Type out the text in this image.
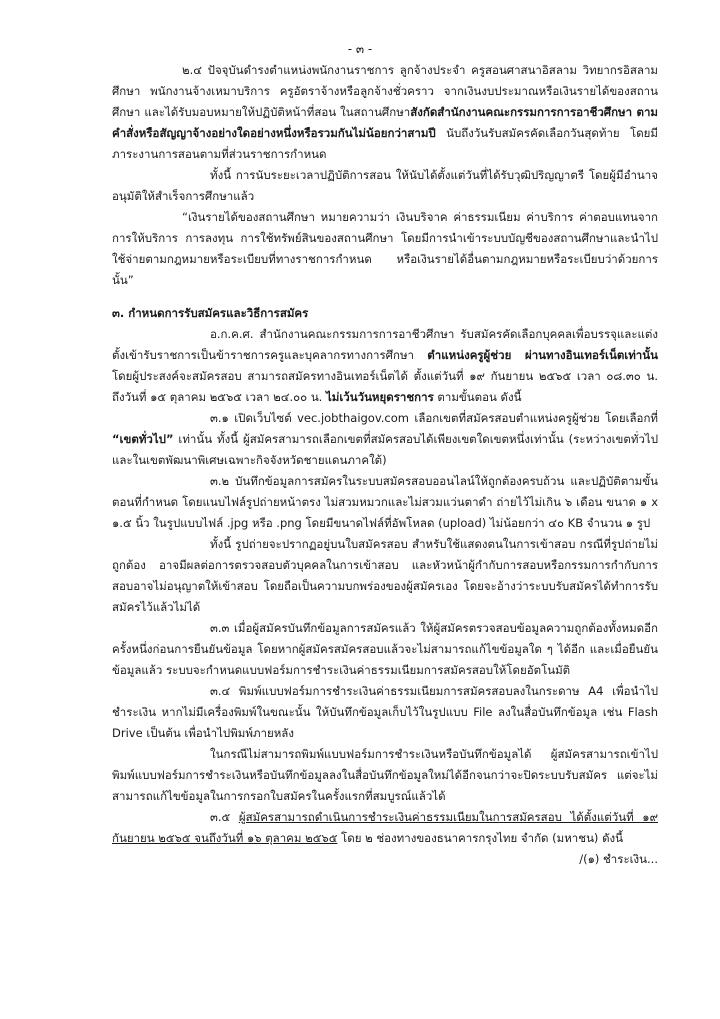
- ๓ -

๒.๔ ปัจจุบันดำรงตำแหน่งพนักงานราชการ ลูกจ้างประจำ ครูสอนศาสนาอิสลาม วิทยากรอิสลามศึกษา พนักงานจ้างเหมาบริการ ครูอัตราจ้างหรือลูกจ้างชั่วคราว จากเงินงบประมาณหรือเงินรายได้ของสถานศึกษา และได้รับมอบหมายให้ปฏิบัติหน้าที่สอน ในสถานศึกษาสังกัดสำนักงานคณะกรรมการการอาชีวศึกษา ตามคำสั่งหรือสัญญาจ้างอย่างใดอย่างหนึ่งหรือรวมกันไม่น้อยกว่าสามปี นับถึงวันรับสมัครคัดเลือกวันสุดท้าย โดยมีภาระงานการสอนตามที่ส่วนราชการกำหนด

ทั้งนี้ การนับระยะเวลาปฏิบัติการสอน ให้นับได้ตั้งแต่วันที่ได้รับวุฒิปริญญาตรี โดยผู้มีอำนาจอนุมัติให้สำเร็จการศึกษาแล้ว

“เงินรายได้ของสถานศึกษา หมายความว่า เงินบริจาค ค่าธรรมเนียม ค่าบริการ ค่าตอบแทนจากการให้บริการ การลงทุน การใช้ทรัพย์สินของสถานศึกษา โดยมีการนำเข้าระบบบัญชีของสถานศึกษาและนำไปใช้จ่ายตามกฎหมายหรือระเบียบที่ทางราชการกำหนด หรือเงินรายได้อื่นตามกฎหมายหรือระเบียบว่าด้วยการนั้น”

๓. กำหนดการรับสมัครและวิธีการสมัคร

อ.ก.ค.ศ. สำนักงานคณะกรรมการการอาชีวศึกษา รับสมัครคัดเลือกบุคคลเพื่อบรรจุและแต่งตั้งเข้ารับราชการเป็นข้าราชการครูและบุคลากรทางการศึกษา ตำแหน่งครูผู้ช่วย ผ่านทางอินเทอร์เน็ตเท่านั้น โดยผู้ประสงค์จะสมัครสอบ สามารถสมัครทางอินเทอร์เน็ตได้ ตั้งแต่วันที่ ๑๙ กันยายน ๒๕๖๕ เวลา ๐๘.๓๐ น. ถึงวันที่ ๑๕ ตุลาคม ๒๕๖๕ เวลา ๒๔.๐๐ น. ไม่เว้นวันหยุดราชการ ตามขั้นตอน ดังนี้

๓.๑ เปิดเว็บไซต์ vec.jobthaigov.com เลือกเขตที่สมัครสอบตำแหน่งครูผู้ช่วย โดยเลือกที่ “เขตทั่วไป” เท่านั้น ทั้งนี้ ผู้สมัครสามารถเลือกเขตที่สมัครสอบได้เพียงเขตใดเขตหนึ่งเท่านั้น (ระหว่างเขตทั่วไปและในเขตพัฒนาพิเศษเฉพาะกิจจังหวัดชายแดนภาคใต้)

๓.๒ บันทึกข้อมูลการสมัครในระบบสมัครสอบออนไลน์ให้ถูกต้องครบถ้วน และปฏิบัติตามขั้นตอนที่กำหนด โดยแนบไฟล์รูปถ่ายหน้าตรง ไม่สวมหมวกและไม่สวมแว่นตาดำ ถ่ายไว้ไม่เกิน ๖ เดือน ขนาด ๑ x ๑.๕ นิ้ว ในรูปแบบไฟล์ .jpg หรือ .png โดยมีขนาดไฟล์ที่อัพโหลด (upload) ไม่น้อยกว่า ๔๐ KB จำนวน ๑ รูป

ทั้งนี้ รูปถ่ายจะปรากฏอยู่บนใบสมัครสอบ สำหรับใช้แสดงตนในการเข้าสอบ กรณีที่รูปถ่ายไม่ถูกต้อง อาจมีผลต่อการตรวจสอบตัวบุคคลในการเข้าสอบ และหัวหน้าผู้กำกับการสอบหรือกรรมการกำกับการสอบอาจไม่อนุญาตให้เข้าสอบ โดยถือเป็นความบกพร่องของผู้สมัครเอง โดยจะอ้างว่าระบบรับสมัครได้ทำการรับสมัครไว้แล้วไม่ได้

๓.๓ เมื่อผู้สมัครบันทึกข้อมูลการสมัครแล้ว ให้ผู้สมัครตรวจสอบข้อมูลความถูกต้องทั้งหมดอีกครั้งหนึ่งก่อนการยืนยันข้อมูล โดยหากผู้สมัครสมัครสอบแล้วจะไม่สามารถแก้ไขข้อมูลใด ๆ ได้อีก และเมื่อยืนยันข้อมูลแล้ว ระบบจะกำหนดแบบฟอร์มการชำระเงินค่าธรรมเนียมการสมัครสอบให้โดยอัตโนมัติ

๓.๔ พิมพ์แบบฟอร์มการชำระเงินค่าธรรมเนียมการสมัครสอบลงในกระดาษ A4 เพื่อนำไปชำระเงิน หากไม่มีเครื่องพิมพ์ในขณะนั้น ให้บันทึกข้อมูลเก็บไว้ในรูปแบบ File ลงในสื่อบันทึกข้อมูล เช่น Flash Drive เป็นต้น เพื่อนำไปพิมพ์ภายหลัง

ในกรณีไม่สามารถพิมพ์แบบฟอร์มการชำระเงินหรือบันทึกข้อมูลได้ ผู้สมัครสามารถเข้าไปพิมพ์แบบฟอร์มการชำระเงินหรือบันทึกข้อมูลลงในสื่อบันทึกข้อมูลใหม่ได้อีกจนกว่าจะปิดระบบรับสมัคร แต่จะไม่สามารถแก้ไขข้อมูลในการกรอกใบสมัครในครั้งแรกที่สมบูรณ์แล้วได้

๓.๕ ผู้สมัครสามารถดำเนินการชำระเงินค่าธรรมเนียมในการสมัครสอบ ได้ตั้งแต่วันที่ ๑๙ กันยายน ๒๕๖๕ จนถึงวันที่ ๑๖ ตุลาคม ๒๕๖๕ โดย ๒ ช่องทางของธนาคารกรุงไทย จำกัด (มหาชน) ดังนี้

/(๑) ชำระเงิน...
